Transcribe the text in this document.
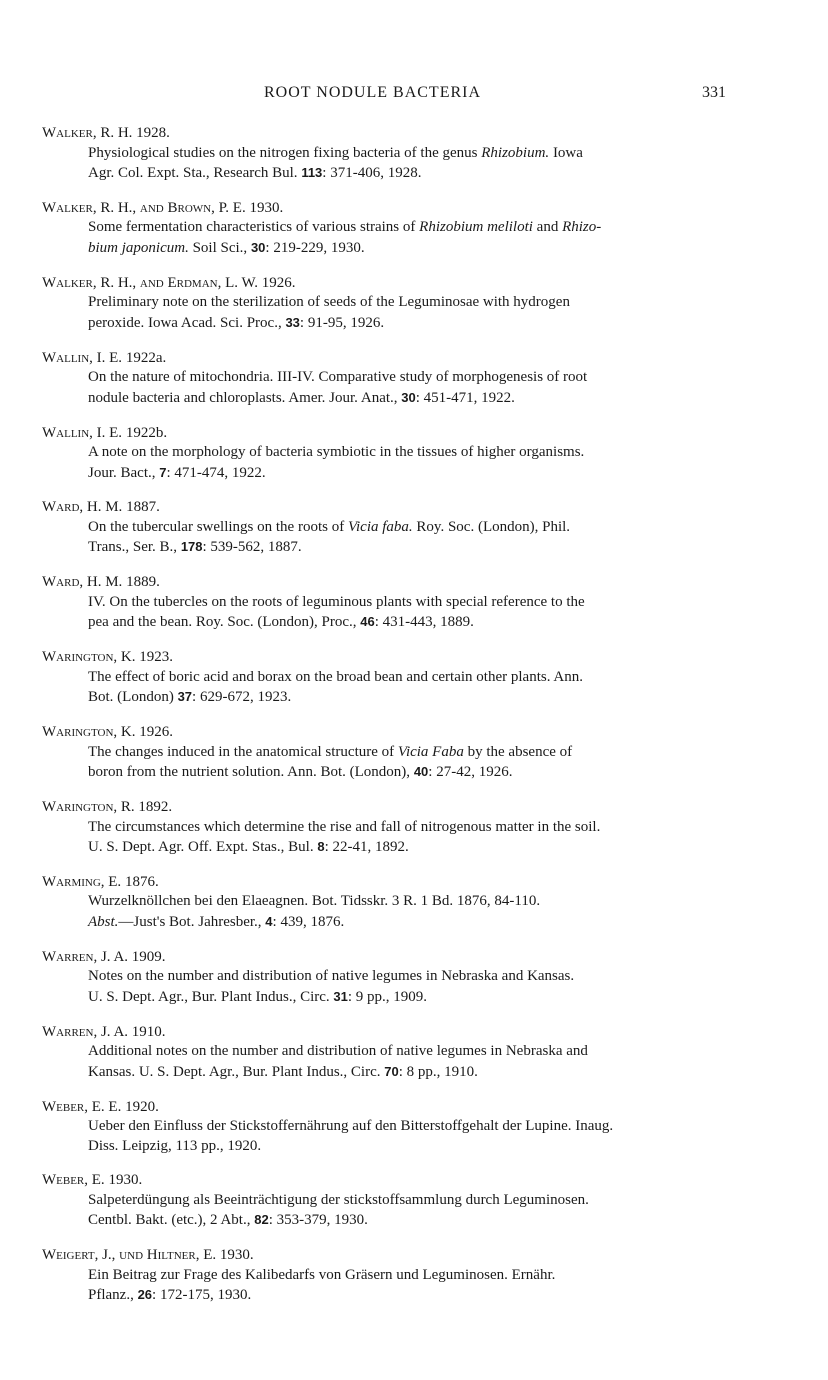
ROOT NODULE BACTERIA	331
Walker, R. H. 1928.
Physiological studies on the nitrogen fixing bacteria of the genus Rhizobium. Iowa
Agr. Col. Expt. Sta., Research Bul. 113: 371-406, 1928.
Walker, R. H., and Brown, P. E. 1930.
Some fermentation characteristics of various strains of Rhizobium meliloti and Rhizo-
bium japonicum. Soil Sci., 30: 219-229, 1930.
Walker, R. H., and Erdman, L. W. 1926.
Preliminary note on the sterilization of seeds of the Leguminosae with hydrogen
peroxide. Iowa Acad. Sci. Proc., 33: 91-95, 1926.
Wallin, I. E. 1922a.
On the nature of mitochondria. III-IV. Comparative study of morphogenesis of root
nodule bacteria and chloroplasts. Amer. Jour. Anat., 30: 451-471, 1922.
Wallin, I. E. 1922b.
A note on the morphology of bacteria symbiotic in the tissues of higher organisms.
Jour. Bact., 7: 471-474, 1922.
Ward, H. M. 1887.
On the tubercular swellings on the roots of Vicia faba. Roy. Soc. (London), Phil.
Trans., Ser. B., 178: 539-562, 1887.
Ward, H. M. 1889.
IV. On the tubercles on the roots of leguminous plants with special reference to the
pea and the bean. Roy. Soc. (London), Proc., 46: 431-443, 1889.
Warington, K. 1923.
The effect of boric acid and borax on the broad bean and certain other plants. Ann.
Bot. (London) 37: 629-672, 1923.
Warington, K. 1926.
The changes induced in the anatomical structure of Vicia Faba by the absence of
boron from the nutrient solution. Ann. Bot. (London), 40: 27-42, 1926.
Warington, R. 1892.
The circumstances which determine the rise and fall of nitrogenous matter in the soil.
U. S. Dept. Agr. Off. Expt. Stas., Bul. 8: 22-41, 1892.
Warming, E. 1876.
Wurzelknöllchen bei den Elaeagnen. Bot. Tidsskr. 3 R. 1 Bd. 1876, 84-110.
Abst.—Just's Bot. Jahresber., 4: 439, 1876.
Warren, J. A. 1909.
Notes on the number and distribution of native legumes in Nebraska and Kansas.
U. S. Dept. Agr., Bur. Plant Indus., Circ. 31: 9 pp., 1909.
Warren, J. A. 1910.
Additional notes on the number and distribution of native legumes in Nebraska and
Kansas. U. S. Dept. Agr., Bur. Plant Indus., Circ. 70: 8 pp., 1910.
Weber, E. E. 1920.
Ueber den Einfluss der Stickstoffernährung auf den Bitterstoffgehalt der Lupine. Inaug.
Diss. Leipzig, 113 pp., 1920.
Weber, E. 1930.
Salpeterdüngung als Beeinträchtigung der stickstoffsammlung durch Leguminosen.
Centbl. Bakt. (etc.), 2 Abt., 82: 353-379, 1930.
Weigert, J., und Hiltner, E. 1930.
Ein Beitrag zur Frage des Kalibedarfs von Gräsern und Leguminosen. Ernähr.
Pflanz., 26: 172-175, 1930.
